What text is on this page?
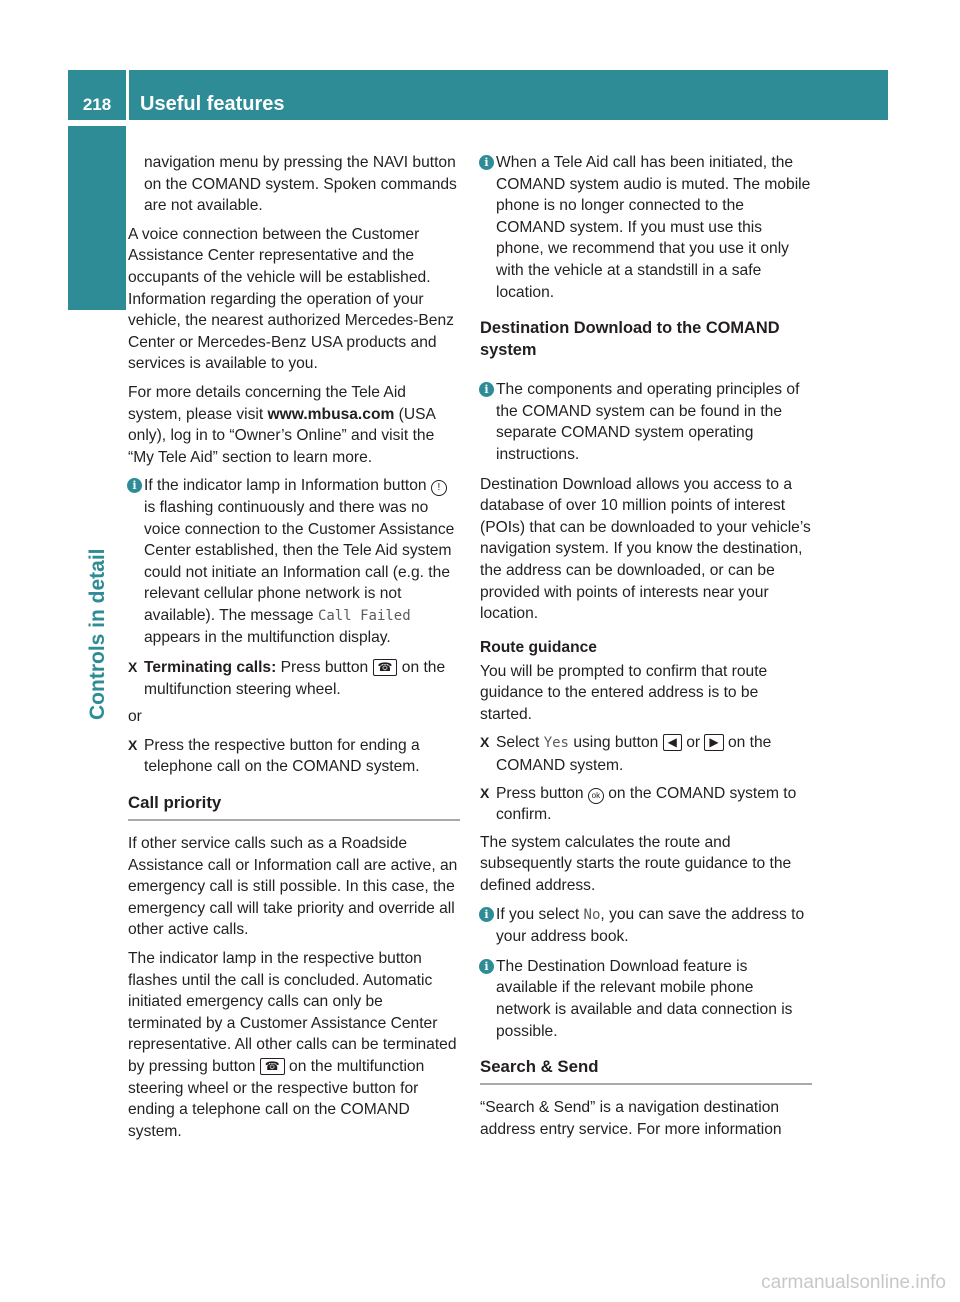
218	Useful features
Controls in detail

navigation menu by pressing the NAVI button on the COMAND system. Spoken commands are not available.

A voice connection between the Customer Assistance Center representative and the occupants of the vehicle will be established. Information regarding the operation of your vehicle, the nearest authorized Mercedes-Benz Center or Mercedes-Benz USA products and services is available to you.

For more details concerning the Tele Aid system, please visit www.mbusa.com (USA only), log in to “Owner’s Online” and visit the “My Tele Aid” section to learn more.

i If the indicator lamp in Information button ! is flashing continuously and there was no voice connection to the Customer Assistance Center established, then the Tele Aid system could not initiate an Information call (e.g. the relevant cellular phone network is not available). The message Call Failed appears in the multifunction display.
X Terminating calls: Press button ☎ on the multifunction steering wheel.

or

X Press the respective button for ending a telephone call on the COMAND system.
Call priority

If other service calls such as a Roadside Assistance call or Information call are active, an emergency call is still possible. In this case, the emergency call will take priority and override all other active calls.

The indicator lamp in the respective button flashes until the call is concluded. Automatic initiated emergency calls can only be terminated by a Customer Assistance Center representative. All other calls can be terminated by pressing button ☎ on the multifunction steering wheel or the respective button for ending a telephone call on the COMAND system.

i When a Tele Aid call has been initiated, the COMAND system audio is muted. The mobile phone is no longer connected to the COMAND system. If you must use this phone, we recommend that you use it only with the vehicle at a standstill in a safe location.
Destination Download to the COMAND system
i The components and operating principles of the COMAND system can be found in the separate COMAND system operating instructions.

Destination Download allows you access to a database of over 10 million points of interest (POIs) that can be downloaded to your vehicle’s navigation system. If you know the destination, the address can be downloaded, or can be provided with points of interests near your location.

Route guidance

You will be prompted to confirm that route guidance to the entered address is to be started.

X Select Yes using button ◀ or ▶ on the COMAND system.
X Press button ok on the COMAND system to confirm.

The system calculates the route and subsequently starts the route guidance to the defined address.

i If you select No, you can save the address to your address book.
i The Destination Download feature is available if the relevant mobile phone network is available and data connection is possible.
Search & Send

“Search & Send” is a navigation destination address entry service. For more information

carmanualsonline.info
